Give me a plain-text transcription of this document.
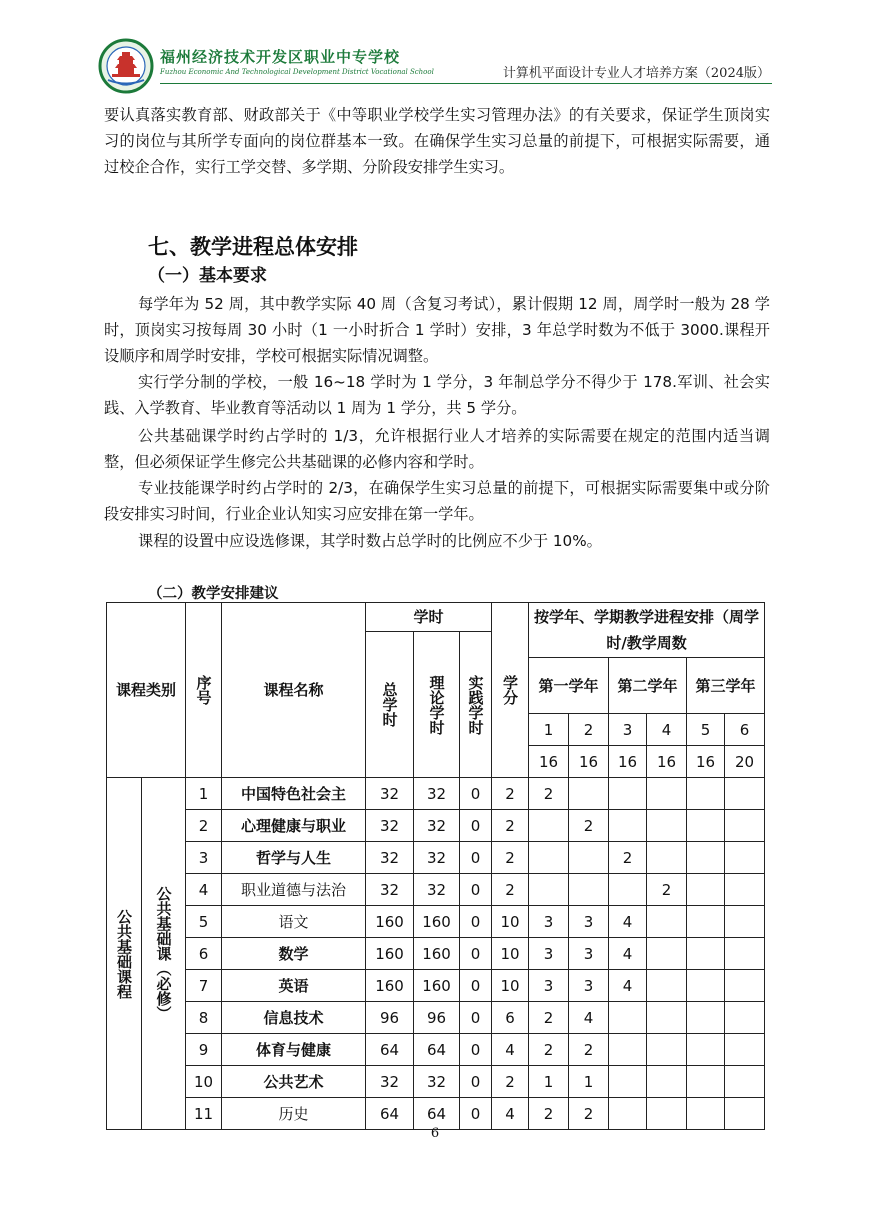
福州经济技术开发区职业中专学校
Fuzhou Economic And Technological Development District Vocational School	计算机平面设计专业人才培养方案（2024版）

要认真落实教育部、财政部关于《中等职业学校学生实习管理办法》的有关要求，保证学生顶岗实习的岗位与其所学专面向的岗位群基本一致。在确保学生实习总量的前提下，可根据实际需要，通过校企合作，实行工学交替、多学期、分阶段安排学生实习。

七、教学进程总体安排
（一）基本要求

每学年为 52 周，其中教学实际 40 周（含复习考试），累计假期 12 周，周学时一般为 28 学时，顶岗实习按每周 30 小时（1 一小时折合 1 学时）安排，3 年总学时数为不低于 3000.课程开设顺序和周学时安排，学校可根据实际情况调整。

实行学分制的学校，一般 16~18 学时为 1 学分，3 年制总学分不得少于 178.军训、社会实践、入学教育、毕业教育等活动以 1 周为 1 学分，共 5 学分。

公共基础课学时约占学时的 1/3，允许根据行业人才培养的实际需要在规定的范围内适当调整，但必须保证学生修完公共基础课的必修内容和学时。

专业技能课学时约占学时的 2/3，在确保学生实习总量的前提下，可根据实际需要集中或分阶段安排实习时间，行业企业认知实习应安排在第一学年。

课程的设置中应设选修课，其学时数占总学时的比例应不少于 10%。

（二）教学安排建议
课程类别		序号	课程名称	学时			学分	按学年、学期教学进程安排（周学时/教学周数					

				总学时	理论学时	实践学时							

								第一学年		第二学年		第三学年	
								1	2	3	4	5	6
								16	16	16	16	16	20

公共基础课程	公共基础课（必修）	1	中国特色社会主	32	32	0	2	2					
		2	心理健康与职业	32	32	0	2		2				
		3	哲学与人生	32	32	0	2			2			
		4	职业道德与法治	32	32	0	2				2		
		5	语文	160	160	0	10	3	3	4			
		6	数学	160	160	0	10	3	3	4			
		7	英语	160	160	0	10	3	3	4			
		8	信息技术	96	96	0	6	2	4				
		9	体育与健康	64	64	0	4	2	2				
		10	公共艺术	32	32	0	2	1	1				
		11	历史	64	64	0	4	2	2				
6
